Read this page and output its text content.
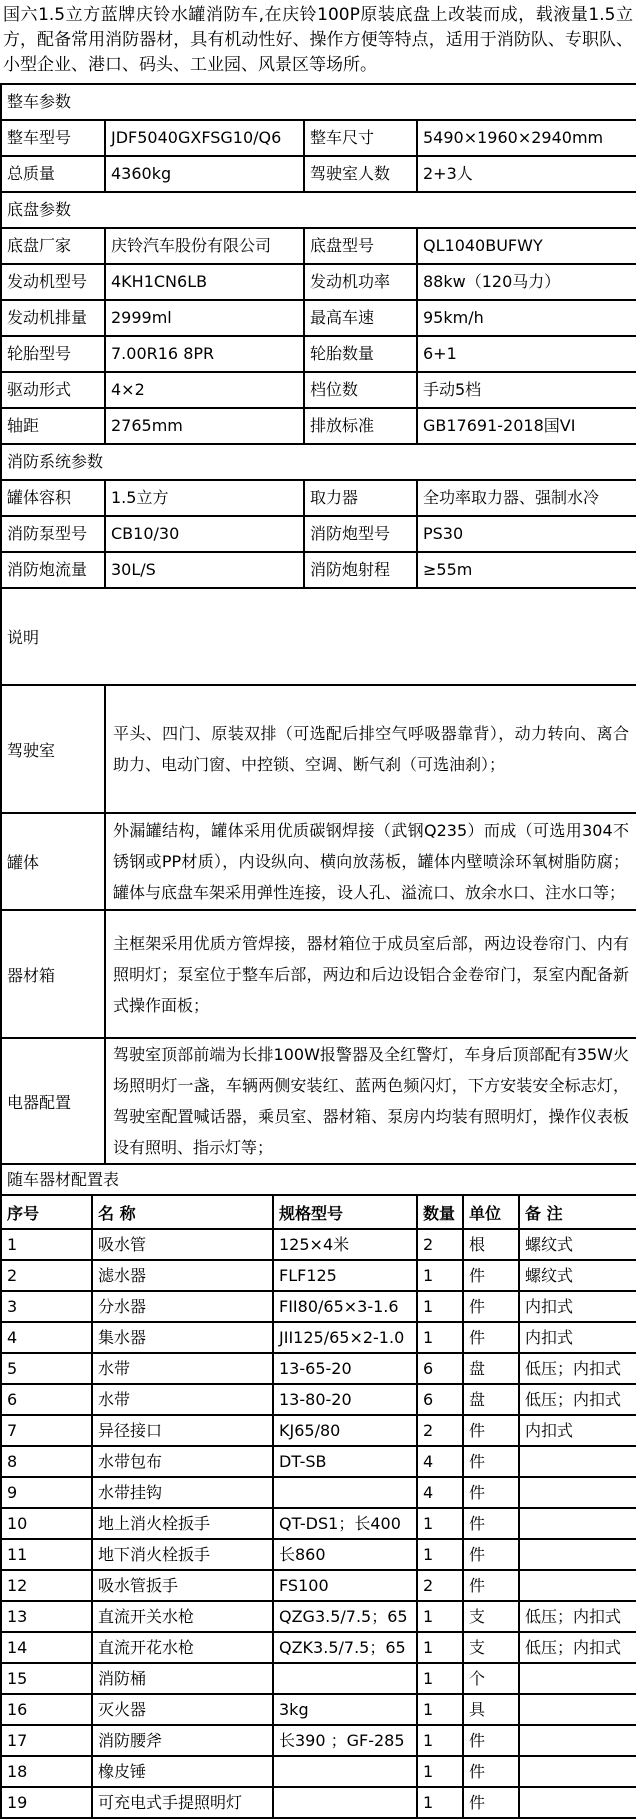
国六1.5立方蓝牌庆铃水罐消防车,在庆铃100P原装底盘上改装而成，载液量1.5立方，配备常用消防器材，具有机动性好、操作方便等特点，适用于消防队、专职队、小型企业、港口、码头、工业园、风景区等场所。

整车参数			
整车型号	JDF5040GXFSG10/Q6	整车尺寸	5490×1960×2940mm
总质量	4360kg	驾驶室人数	2+3人
底盘参数			
底盘厂家	庆铃汽车股份有限公司	底盘型号	QL1040BUFWY
发动机型号	4KH1CN6LB	发动机功率	88kw（120马力）
发动机排量	2999ml	最高车速	95km/h
轮胎型号	7.00R16 8PR	轮胎数量	6+1
驱动形式	4×2	档位数	手动5档
轴距	2765mm	排放标准	GB17691-2018国VI
消防系统参数			
罐体容积	1.5立方	取力器	全功率取力器、强制水冷
消防泵型号	CB10/30	消防炮型号	PS30
消防炮流量	30L/S	消防炮射程	≥55m
说明	
驾驶室	平头、四门、原装双排（可选配后排空气呼吸器靠背），动力转向、离合助力、电动门窗、中控锁、空调、断气刹（可选油刹）；
罐体	外漏罐结构，罐体采用优质碳钢焊接（武钢Q235）而成（可选用304不锈钢或PP材质），内设纵向、横向放荡板，罐体内壁喷涂环氧树脂防腐；罐体与底盘车架采用弹性连接，设人孔、溢流口、放余水口、注水口等；
器材箱	主框架采用优质方管焊接，器材箱位于成员室后部，两边设卷帘门、内有照明灯；泵室位于整车后部，两边和后边设铝合金卷帘门，泵室内配备新式操作面板；
电器配置	驾驶室顶部前端为长排100W报警器及全红警灯，车身后顶部配有35W火场照明灯一盏，车辆两侧安装红、蓝两色频闪灯，下方安装安全标志灯，驾驶室配置喊话器，乘员室、器材箱、泵房内均装有照明灯，操作仪表板设有照明、指示灯等；
随车器材配置表					
序号	名 称	规格型号	数量	单位	备 注
1	吸水管	125×4米	2	根	螺纹式
2	滤水器	FLF125	1	件	螺纹式
3	分水器	FII80/65×3-1.6	1	件	内扣式
4	集水器	JII125/65×2-1.0	1	件	内扣式
5	水带	13-65-20	6	盘	低压；内扣式
6	水带	13-80-20	6	盘	低压；内扣式
7	异径接口	KJ65/80	2	件	内扣式
8	水带包布	DT-SB	4	件	
9	水带挂钩		4	件	
10	地上消火栓扳手	QT-DS1；长400	1	件	
11	地下消火栓扳手	长860	1	件	
12	吸水管扳手	FS100	2	件	
13	直流开关水枪	QZG3.5/7.5；65	1	支	低压；内扣式
14	直流开花水枪	QZK3.5/7.5；65	1	支	低压；内扣式
15	消防桶		1	个	
16	灭火器	3kg	1	具	
17	消防腰斧	长390 ；GF-285	1	件	
18	橡皮锤		1	件	
19	可充电式手提照明灯		1	件	
